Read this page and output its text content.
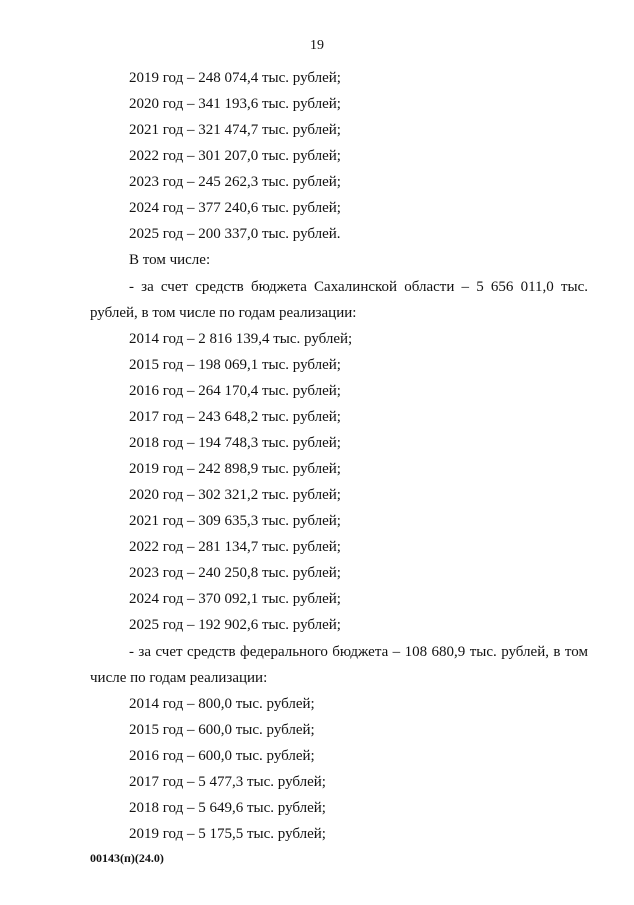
19
2019 год – 248 074,4 тыс. рублей;
2020 год – 341 193,6 тыс. рублей;
2021 год – 321 474,7 тыс. рублей;
2022 год – 301 207,0 тыс. рублей;
2023 год – 245 262,3 тыс. рублей;
2024 год – 377 240,6 тыс. рублей;
2025 год – 200 337,0 тыс. рублей.
В том числе:
- за счет средств бюджета Сахалинской области – 5 656 011,0 тыс.
рублей, в том числе по годам реализации:
2014 год – 2 816 139,4 тыс. рублей;
2015 год – 198 069,1 тыс. рублей;
2016 год – 264 170,4 тыс. рублей;
2017 год – 243 648,2 тыс. рублей;
2018 год – 194 748,3 тыс. рублей;
2019 год – 242 898,9 тыс. рублей;
2020 год – 302 321,2 тыс. рублей;
2021 год – 309 635,3 тыс. рублей;
2022 год – 281 134,7 тыс. рублей;
2023 год – 240 250,8 тыс. рублей;
2024 год – 370 092,1 тыс. рублей;
2025 год – 192 902,6 тыс. рублей;
- за счет средств федерального бюджета – 108 680,9 тыс. рублей, в том
числе по годам реализации:
2014 год – 800,0 тыс. рублей;
2015 год – 600,0 тыс. рублей;
2016 год – 600,0 тыс. рублей;
2017 год – 5 477,3 тыс. рублей;
2018 год – 5 649,6 тыс. рублей;
2019 год – 5 175,5 тыс. рублей;
00143(п)(24.0)
